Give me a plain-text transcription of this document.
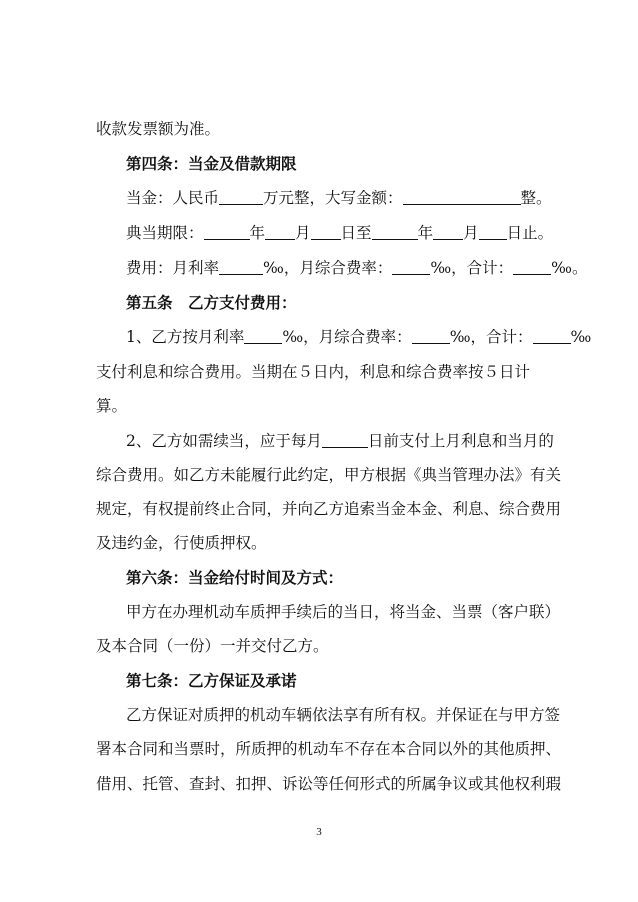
收款发票额为准。
第四条：当金及借款期限
当金：人民币	万元整，大写金额：	整。
典当期限：	年 月 日至	年 月 日止。
费用：月利率	‰，月综合费率： ‰，合计： ‰。
第五条　乙方支付费用：
1、乙方按月利率 ‰，月综合费率： ‰，合计： ‰
支付利息和综合费用。当期在５日内，利息和综合费率按５日计
算。
2、乙方如需续当，应于每月	日前支付上月利息和当月的
综合费用。如乙方未能履行此约定，甲方根据《典当管理办法》有关
规定，有权提前终止合同，并向乙方追索当金本金、利息、综合费用
及违约金，行使质押权。
第六条：当金给付时间及方式：
甲方在办理机动车质押手续后的当日，将当金、当票（客户联）
及本合同（一份）一并交付乙方。
第七条：乙方保证及承诺
乙方保证对质押的机动车辆依法享有所有权。并保证在与甲方签
署本合同和当票时，所质押的机动车不存在本合同以外的其他质押、
借用、托管、查封、扣押、诉讼等任何形式的所属争议或其他权利瑕
3
